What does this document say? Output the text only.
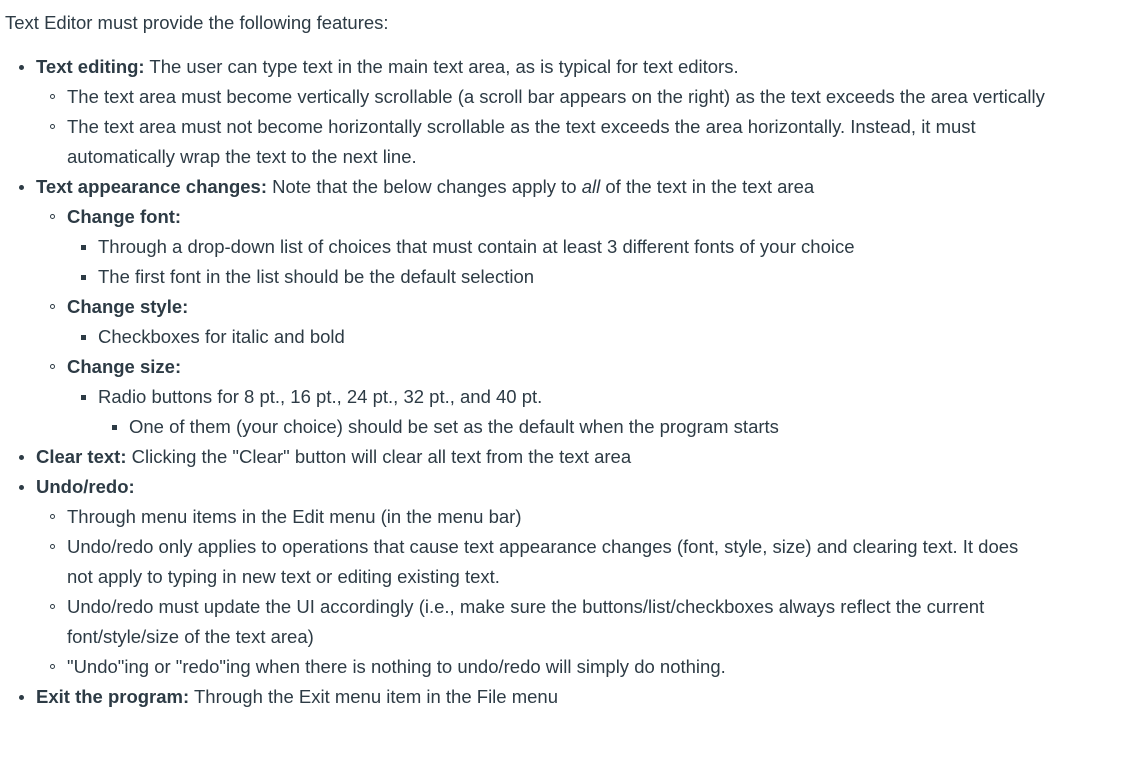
Text Editor must provide the following features:

Text editing: The user can type text in the main text area, as is typical for text editors.
The text area must become vertically scrollable (a scroll bar appears on the right) as the text exceeds the area vertically
The text area must not become horizontally scrollable as the text exceeds the area horizontally. Instead, it must automatically wrap the text to the next line.
Text appearance changes: Note that the below changes apply to all of the text in the text area
Change font:
Through a drop-down list of choices that must contain at least 3 different fonts of your choice
The first font in the list should be the default selection
Change style:
Checkboxes for italic and bold
Change size:
Radio buttons for 8 pt., 16 pt., 24 pt., 32 pt., and 40 pt.
One of them (your choice) should be set as the default when the program starts
Clear text: Clicking the "Clear" button will clear all text from the text area
Undo/redo:
Through menu items in the Edit menu (in the menu bar)
Undo/redo only applies to operations that cause text appearance changes (font, style, size) and clearing text. It does not apply to typing in new text or editing existing text.
Undo/redo must update the UI accordingly (i.e., make sure the buttons/list/checkboxes always reflect the current font/style/size of the text area)
"Undo"ing or "redo"ing when there is nothing to undo/redo will simply do nothing.
Exit the program: Through the Exit menu item in the File menu
